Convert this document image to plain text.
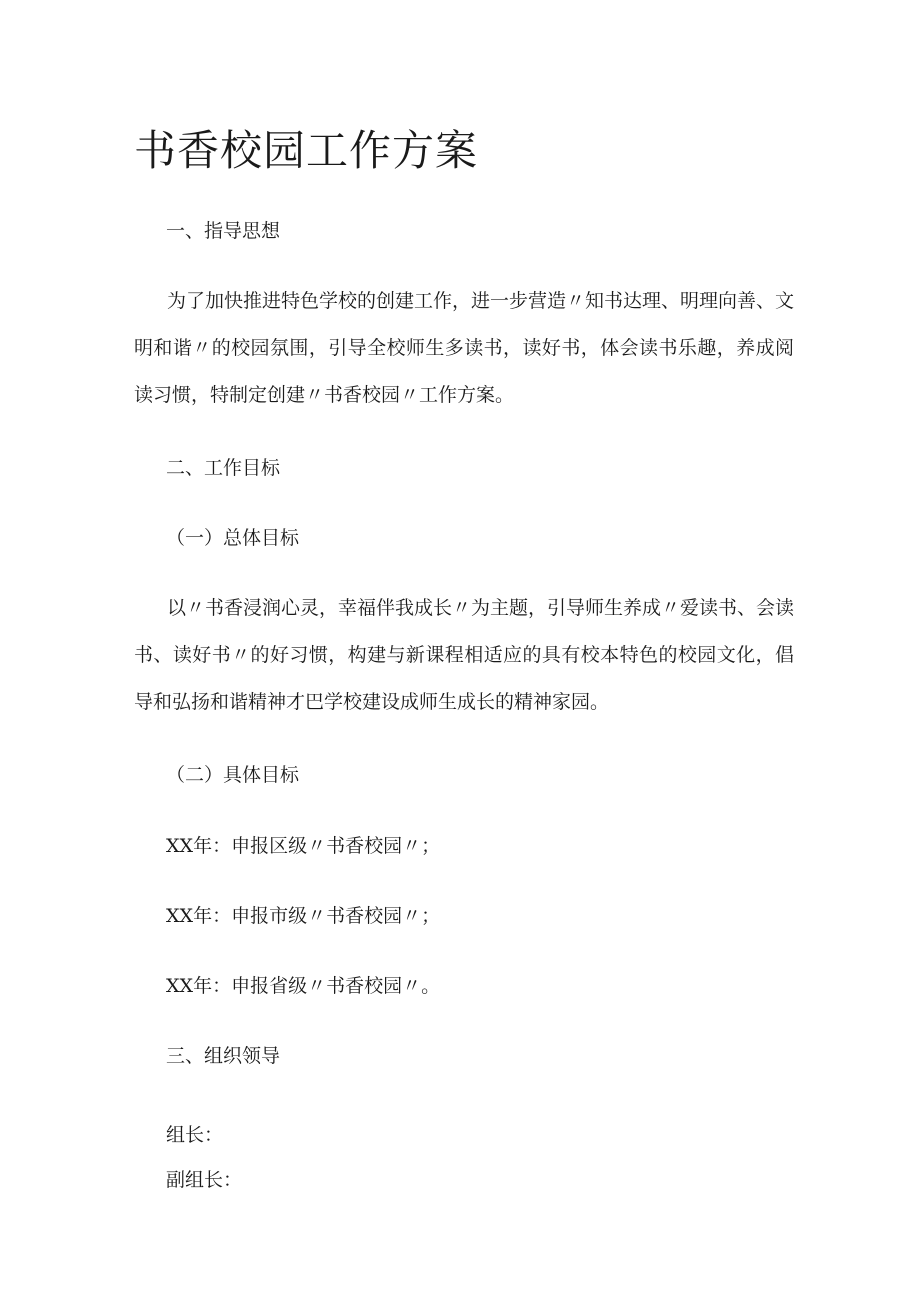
书香校园工作方案

一、指导思想

为了加快推进特色学校的创建工作，进一步营造〃知书达理、明理向善、文明和谐〃的校园氛围，引导全校师生多读书，读好书，体会读书乐趣，养成阅读习惯，特制定创建〃书香校园〃工作方案。

二、工作目标

（一）总体目标

以〃书香浸润心灵，幸福伴我成长〃为主题，引导师生养成〃爱读书、会读书、读好书〃的好习惯，构建与新课程相适应的具有校本特色的校园文化，倡导和弘扬和谐精神才巴学校建设成师生成长的精神家园。

（二）具体目标

XX年：申报区级〃书香校园〃；

XX年：申报市级〃书香校园〃；

XX年：申报省级〃书香校园〃。

三、组织领导

组长：

副组长：
